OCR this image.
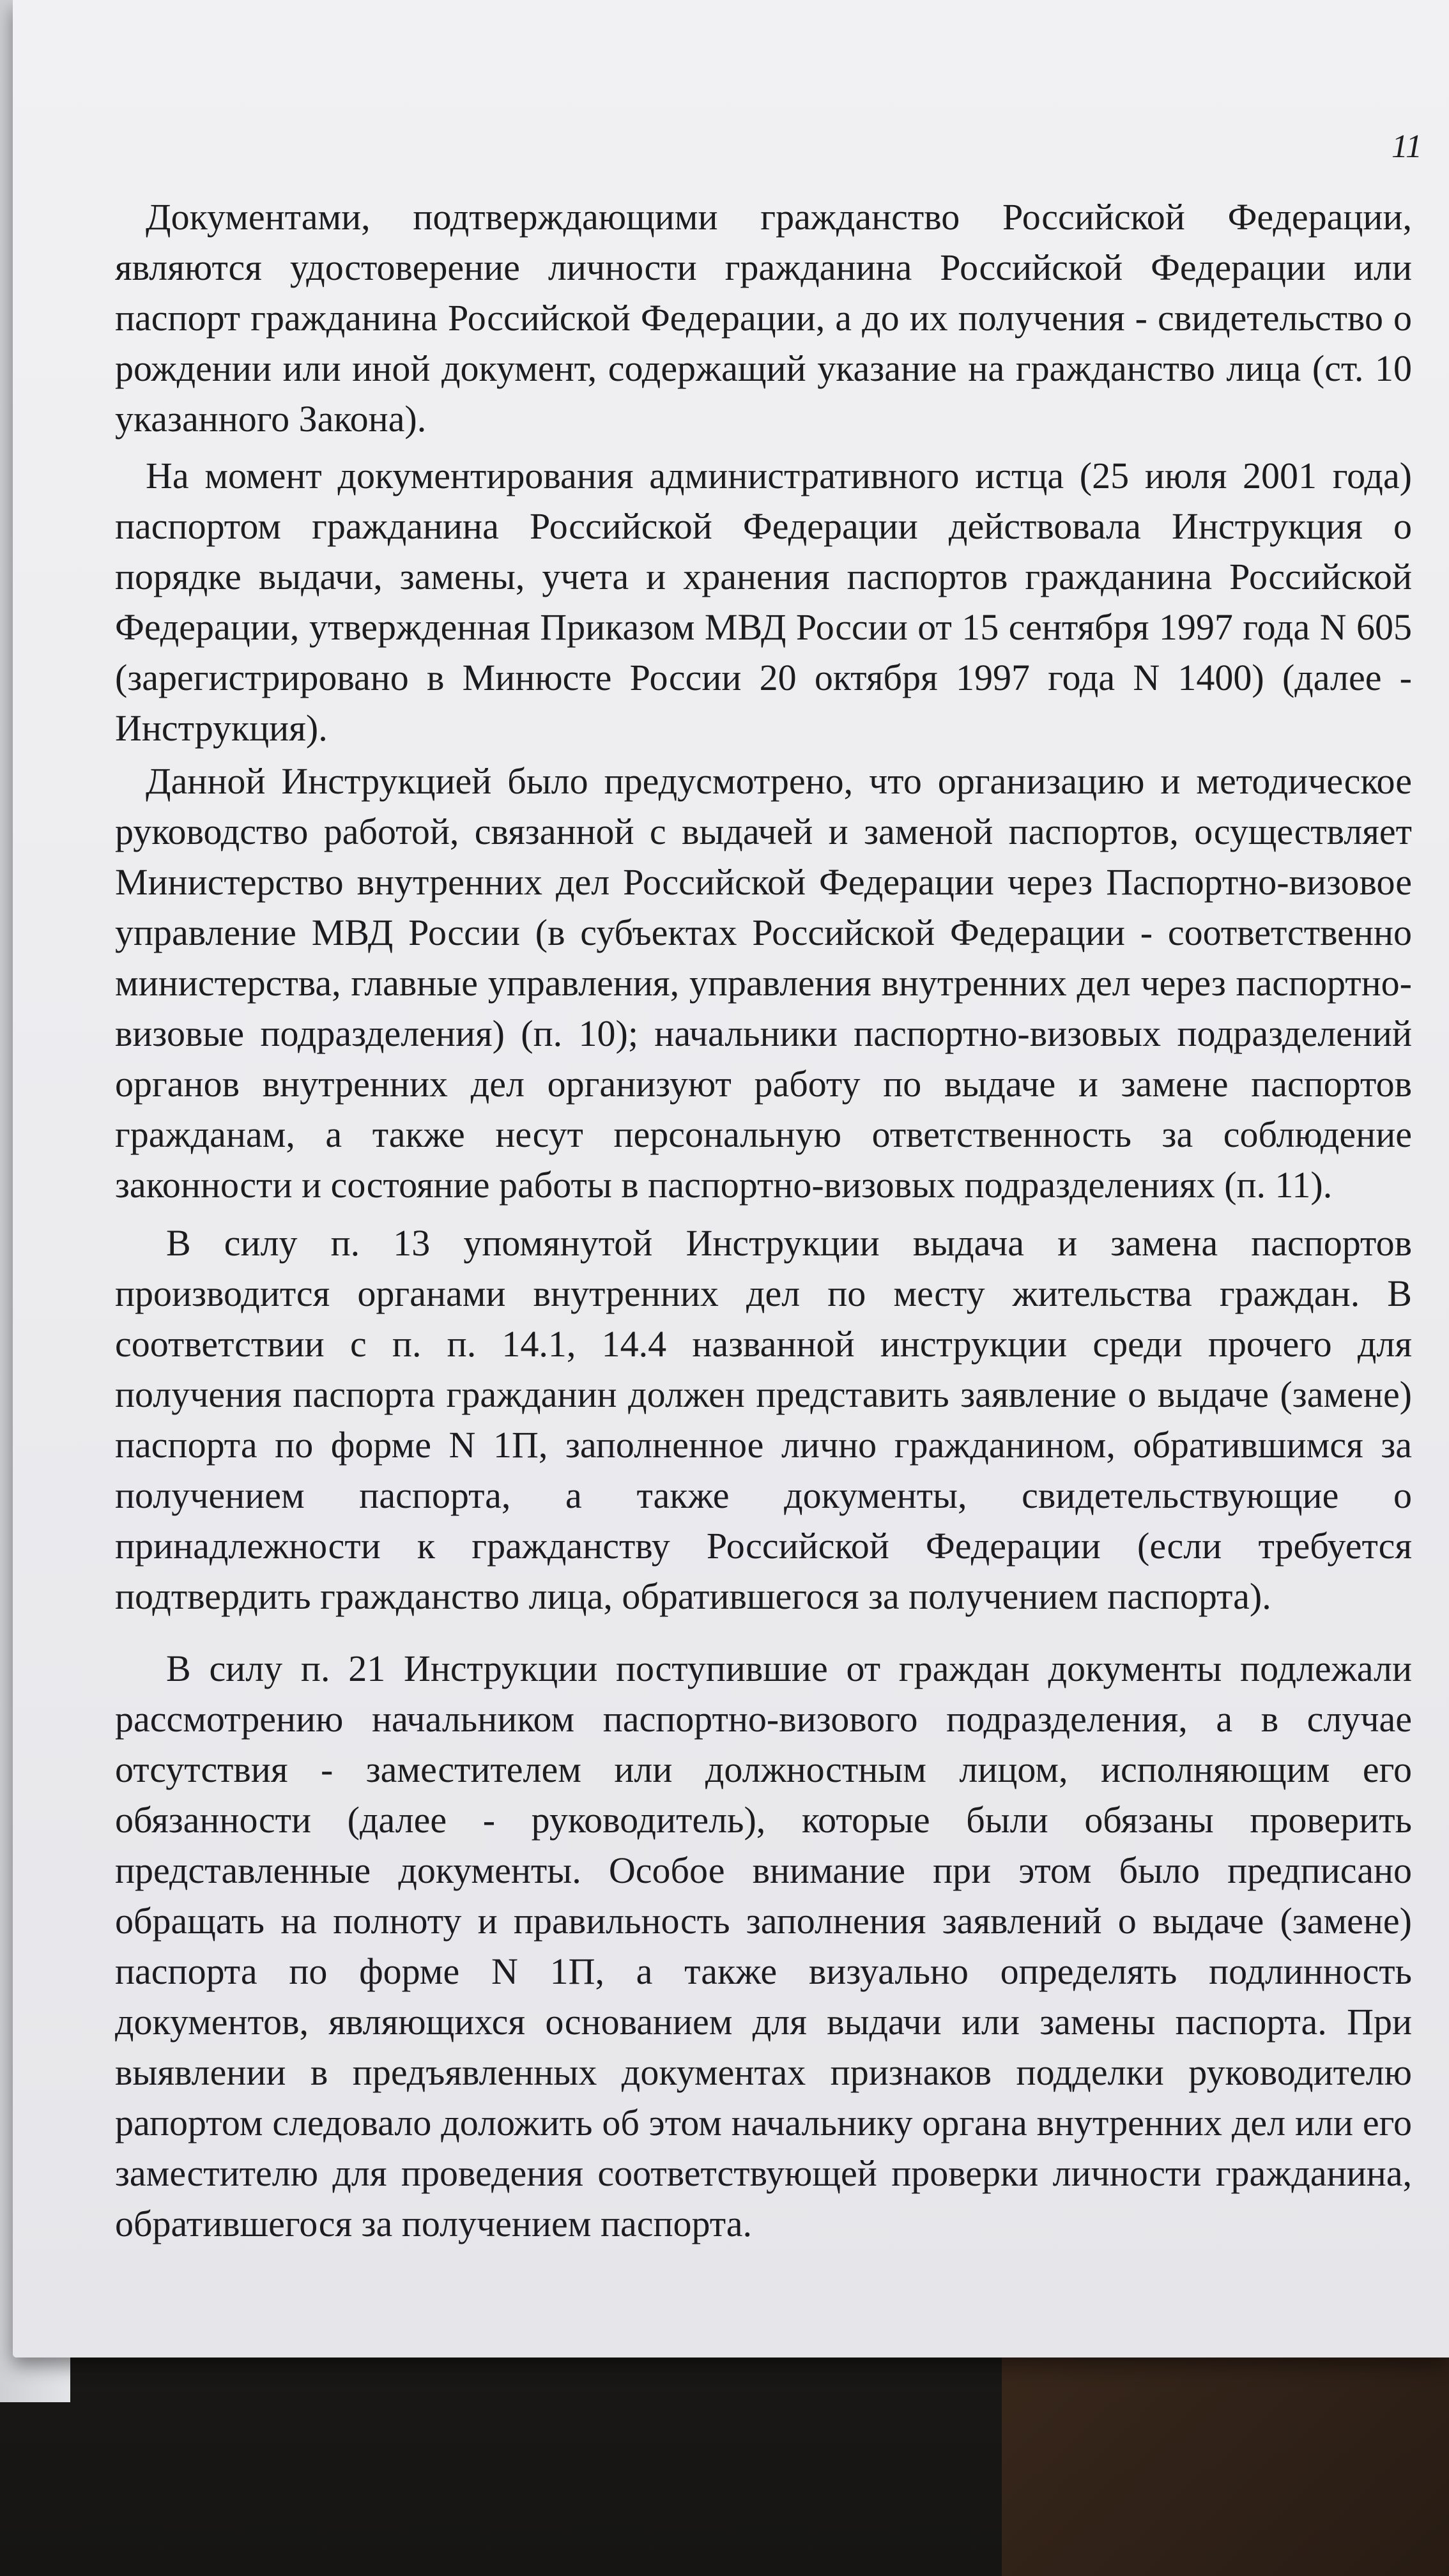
11

Документами, подтверждающими гражданство Российской Федерации, являются удостоверение личности гражданина Российской Федерации или паспорт гражданина Российской Федерации, а до их получения - свидетельство о рождении или иной документ, содержащий указание на гражданство лица (ст. 10 указанного Закона).

На момент документирования административного истца (25 июля 2001 года) паспортом гражданина Российской Федерации действовала Инструкция о порядке выдачи, замены, учета и хранения паспортов гражданина Российской Федерации, утвержденная Приказом МВД России от 15 сентября 1997 года N 605 (зарегистрировано в Минюсте России 20 октября 1997 года N 1400) (далее - Инструкция).

Данной Инструкцией было предусмотрено, что организацию и методическое руководство работой, связанной с выдачей и заменой паспортов, осуществляет Министерство внутренних дел Российской Федерации через Паспортно-визовое управление МВД России (в субъектах Российской Федерации - соответственно министерства, главные управления, управления внутренних дел через паспортно-визовые подразделения) (п. 10); начальники паспортно-визовых подразделений органов внутренних дел организуют работу по выдаче и замене паспортов гражданам, а также несут персональную ответственность за соблюдение законности и состояние работы в паспортно-визовых подразделениях (п. 11).

В силу п. 13 упомянутой Инструкции выдача и замена паспортов производится органами внутренних дел по месту жительства граждан. В соответствии с п. п. 14.1, 14.4 названной инструкции среди прочего для получения паспорта гражданин должен представить заявление о выдаче (замене) паспорта по форме N 1П, заполненное лично гражданином, обратившимся за получением паспорта, а также документы, свидетельствующие о принадлежности к гражданству Российской Федерации (если требуется подтвердить гражданство лица, обратившегося за получением паспорта).

В силу п. 21 Инструкции поступившие от граждан документы подлежали рассмотрению начальником паспортно-визового подразделения, а в случае отсутствия - заместителем или должностным лицом, исполняющим его обязанности (далее - руководитель), которые были обязаны проверить представленные документы. Особое внимание при этом было предписано обращать на полноту и правильность заполнения заявлений о выдаче (замене) паспорта по форме N 1П, а также визуально определять подлинность документов, являющихся основанием для выдачи или замены паспорта. При выявлении в предъявленных документах признаков подделки руководителю рапортом следовало доложить об этом начальнику органа внутренних дел или его заместителю для проведения соответствующей проверки личности гражданина, обратившегося за получением паспорта.
